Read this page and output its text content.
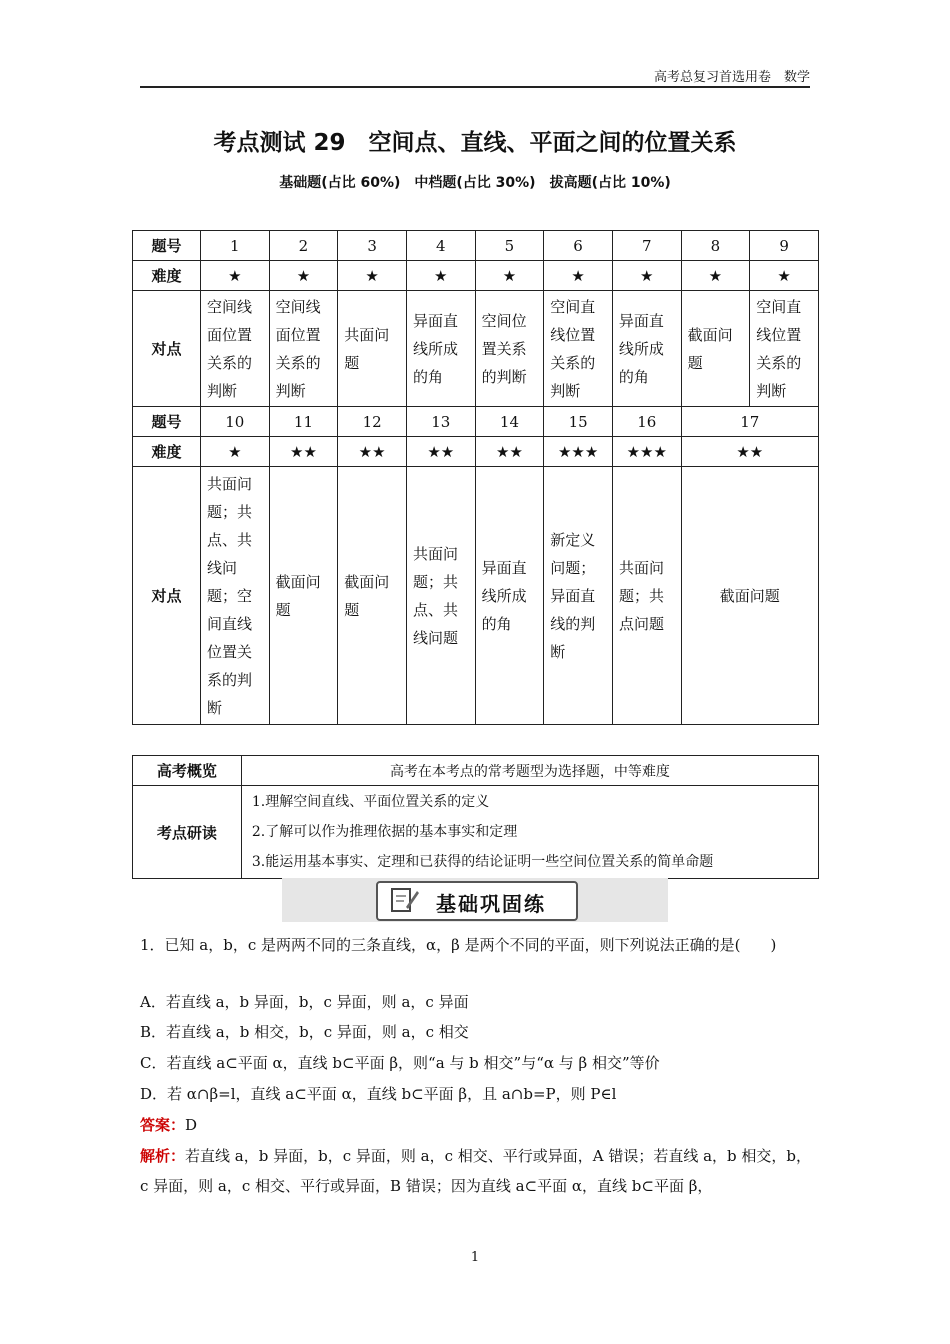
高考总复习首选用卷　数学
考点测试 29　空间点、直线、平面之间的位置关系
基础题(占比 60%)　中档题(占比 30%)　拔高题(占比 10%)
题号	1	2	3	4	5	6	7	8	9
难度	★	★	★	★	★	★	★	★	★
对点	空间线面位置关系的判断	空间线面位置关系的判断	共面问题	异面直线所成的角	空间位置关系的判断	空间直线位置关系的判断	异面直线所成的角	截面问题	空间直线位置关系的判断
题号	10	11	12	13	14	15	16	17
难度	★	★★	★★	★★	★★	★★★	★★★	★★
对点	共面问题；共点、共线问题；空间直线位置关系的判断	截面问题	截面问题	共面问题；共点、共线问题	异面直线所成的角	新定义问题；异面直线的判断	共面问题；共点问题	截面问题
高考概览	高考在本考点的常考题型为选择题，中等难度
考点研读	1.理解空间直线、平面位置关系的定义
2.了解可以作为推理依据的基本事实和定理
3.能运用基本事实、定理和已获得的结论证明一些空间位置关系的简单命题
基础巩固练
1．已知 a，b，c 是两两不同的三条直线，α，β 是两个不同的平面，则下列说法正确的是(　　)
A．若直线 a，b 异面，b，c 异面，则 a，c 异面
B．若直线 a，b 相交，b，c 异面，则 a，c 相交
C．若直线 a⊂平面 α，直线 b⊂平面 β，则“a 与 b 相交”与“α 与 β 相交”等价
D．若 α∩β=l，直线 a⊂平面 α，直线 b⊂平面 β，且 a∩b=P，则 P∈l
答案：D
解析：若直线 a，b 异面，b，c 异面，则 a，c 相交、平行或异面，A 错误；若直线 a，b 相交，b，c 异面，则 a，c 相交、平行或异面，B 错误；因为直线 a⊂平面 α，直线 b⊂平面 β，
1
